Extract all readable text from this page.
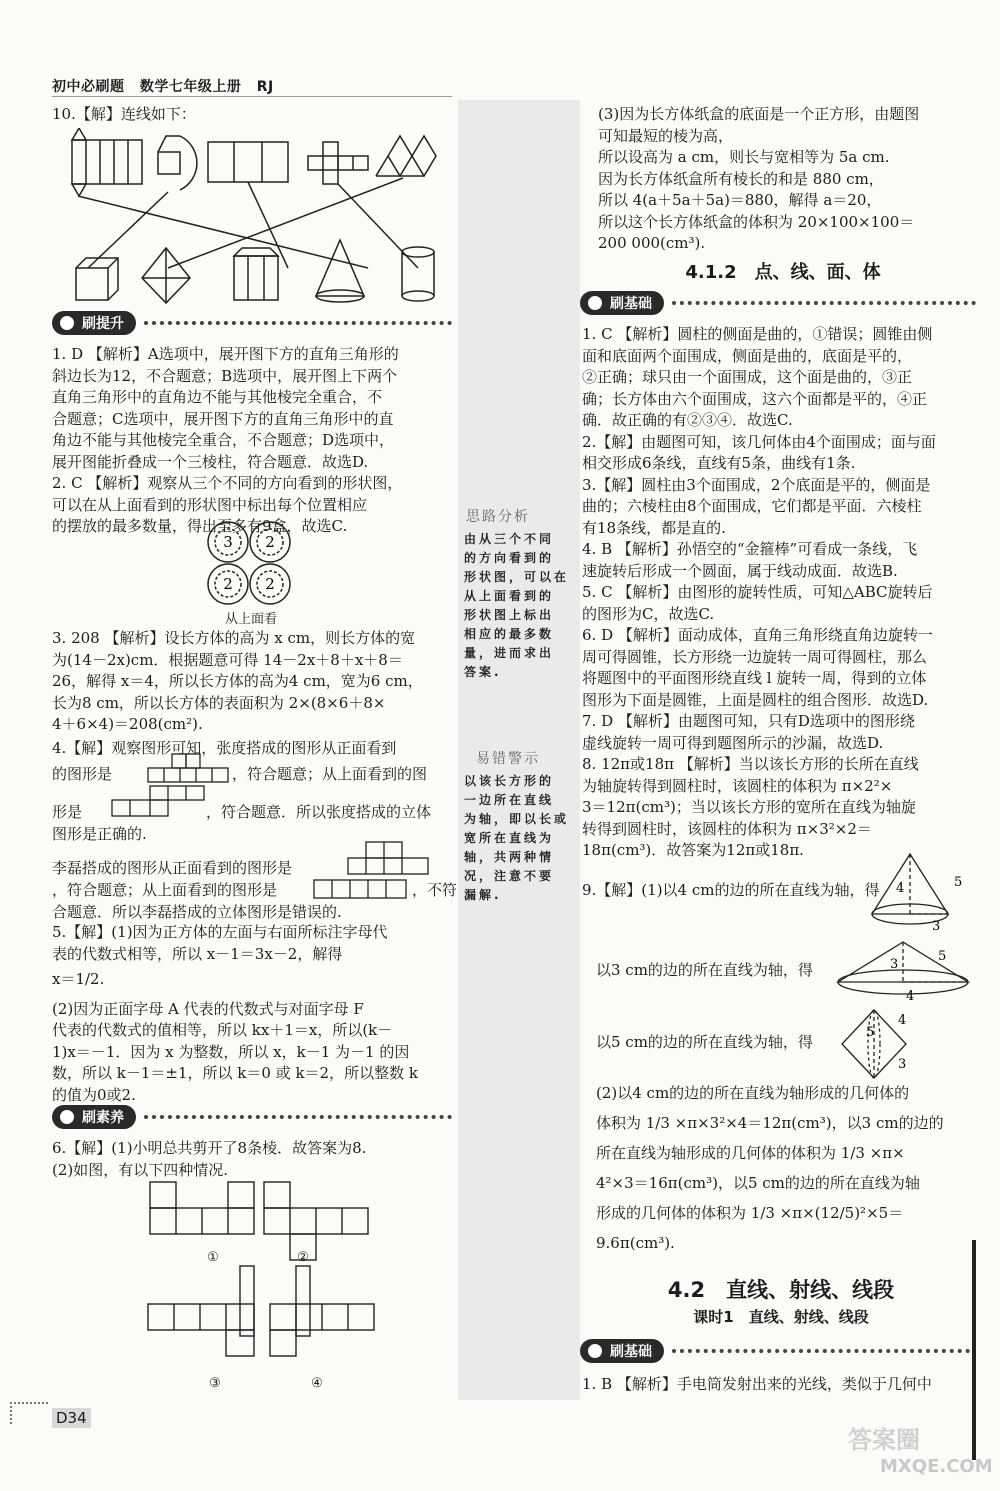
初中必刷题 数学七年级上册 RJ

10.【解】连线如下：

刷提升

1. D 【解析】A选项中，展开图下方的直角三角形的

斜边长为12，不合题意；B选项中，展开图上下两个

直角三角形中的直角边不能与其他棱完全重合，不

合题意；C选项中，展开图下方的直角三角形中的直

角边不能与其他棱完全重合，不合题意；D选项中，

展开图能折叠成一个三棱柱，符合题意．故选D.

2. C 【解析】观察从三个不同的方向看到的形状图，

可以在从上面看到的形状图中标出每个位置相应

的摆放的最多数量，得出至多有9盒，故选C.

3 2
2 2
从上面看

3. 208 【解析】设长方体的高为 x cm，则长方体的宽

为(14－2x)cm．根据题意可得 14－2x＋8＋x＋8＝

26，解得 x＝4，所以长方体的高为4 cm，宽为6 cm，

长为8 cm，所以长方体的表面积为 2×(8×6＋8×

4＋6×4)＝208(cm²).

4.【解】观察图形可知，张度搭成的图形从正面看到

的图形是	，符合题意；从上面看到的图
形是	，符合题意．所以张度搭成的立体
图形是正确的.
李磊搭成的图形从正面看到的图形是
，符合题意；从上面看到的图形是	，不符
合题意．所以李磊搭成的立体图形是错误的.

5.【解】(1)因为正方体的左面与右面所标注字母代

表的代数式相等，所以 x－1＝3x－2，解得

x＝1/2.

(2)因为正面字母 A 代表的代数式与对面字母 F

代表的代数式的值相等，所以 kx＋1＝x，所以(k－

1)x＝－1．因为 x 为整数，所以 x，k－1 为－1 的因

数，所以 k－1＝±1，所以 k＝0 或 k＝2，所以整数 k

的值为0或2.

刷素养

6.【解】(1)小明总共剪开了8条棱．故答案为8.

(2)如图，有以下四种情况.

①	②
③	④
思路分析
由从三个不同
的方向看到的
形状图，可以在
从上面看到的
形状图上标出
相应的最多数
量，进而求出
答案.
易错警示
以该长方形的
一边所在直线
为轴，即以长或
宽所在直线为
轴，共两种情
况，注意不要
漏解.

(3)因为长方体纸盒的底面是一个正方形，由题图

可知最短的棱为高，

所以设高为 a cm，则长与宽相等为 5a cm.

因为长方体纸盒所有棱长的和是 880 cm，

所以 4(a＋5a＋5a)＝880，解得 a＝20，

所以这个长方体纸盒的体积为 20×100×100＝

200 000(cm³).

4.1.2　点、线、面、体
刷基础

1. C 【解析】圆柱的侧面是曲的，①错误；圆锥由侧

面和底面两个面围成，侧面是曲的，底面是平的，

②正确；球只由一个面围成，这个面是曲的，③正

确；长方体由六个面围成，这六个面都是平的，④正

确．故正确的有②③④．故选C.

2.【解】由题图可知，该几何体由4个面围成；面与面

相交形成6条线，直线有5条，曲线有1条.

3.【解】圆柱由3个面围成，2个底面是平的，侧面是

曲的；六棱柱由8个面围成，它们都是平面．六棱柱

有18条线，都是直的.

4. B 【解析】孙悟空的“金箍棒”可看成一条线，飞

速旋转后形成一个圆面，属于线动成面．故选B.

5. C 【解析】由图形的旋转性质，可知△ABC旋转后

的图形为C，故选C.

6. D 【解析】面动成体，直角三角形绕直角边旋转一

周可得圆锥，长方形绕一边旋转一周可得圆柱，那么

将题图中的平面图形绕直线 l 旋转一周，得到的立体

图形为下面是圆锥，上面是圆柱的组合图形．故选D.

7. D 【解析】由题图可知，只有D选项中的图形绕

虚线旋转一周可得到题图所示的沙漏，故选D.

8. 12π或18π 【解析】当以该长方形的长所在直线

为轴旋转得到圆柱时，该圆柱的体积为 π×2²×

3＝12π(cm³)；当以该长方形的宽所在直线为轴旋

转得到圆柱时，该圆柱的体积为 π×3²×2＝

18π(cm³)．故答案为12π或18π.

9.【解】(1)以4 cm的边的所在直线为轴，得 4	5
3
以3 cm的边的所在直线为轴，得	3
5
4
以5 cm的边的所在直线为轴，得
5
4
3

(2)以4 cm的边的所在直线为轴形成的几何体的

体积为 1/3 ×π×3²×4＝12π(cm³)，以3 cm的边的

所在直线为轴形成的几何体的体积为 1/3 ×π×

4²×3＝16π(cm³)，以5 cm的边的所在直线为轴

形成的几何体的体积为 1/3 ×π×(12/5)²×5＝

9.6π(cm³).

4.2　直线、射线、线段
课时1　直线、射线、线段
刷基础
1. B 【解析】手电筒发射出来的光线，类似于几何中
D34
答案圈
MXQE.COM
